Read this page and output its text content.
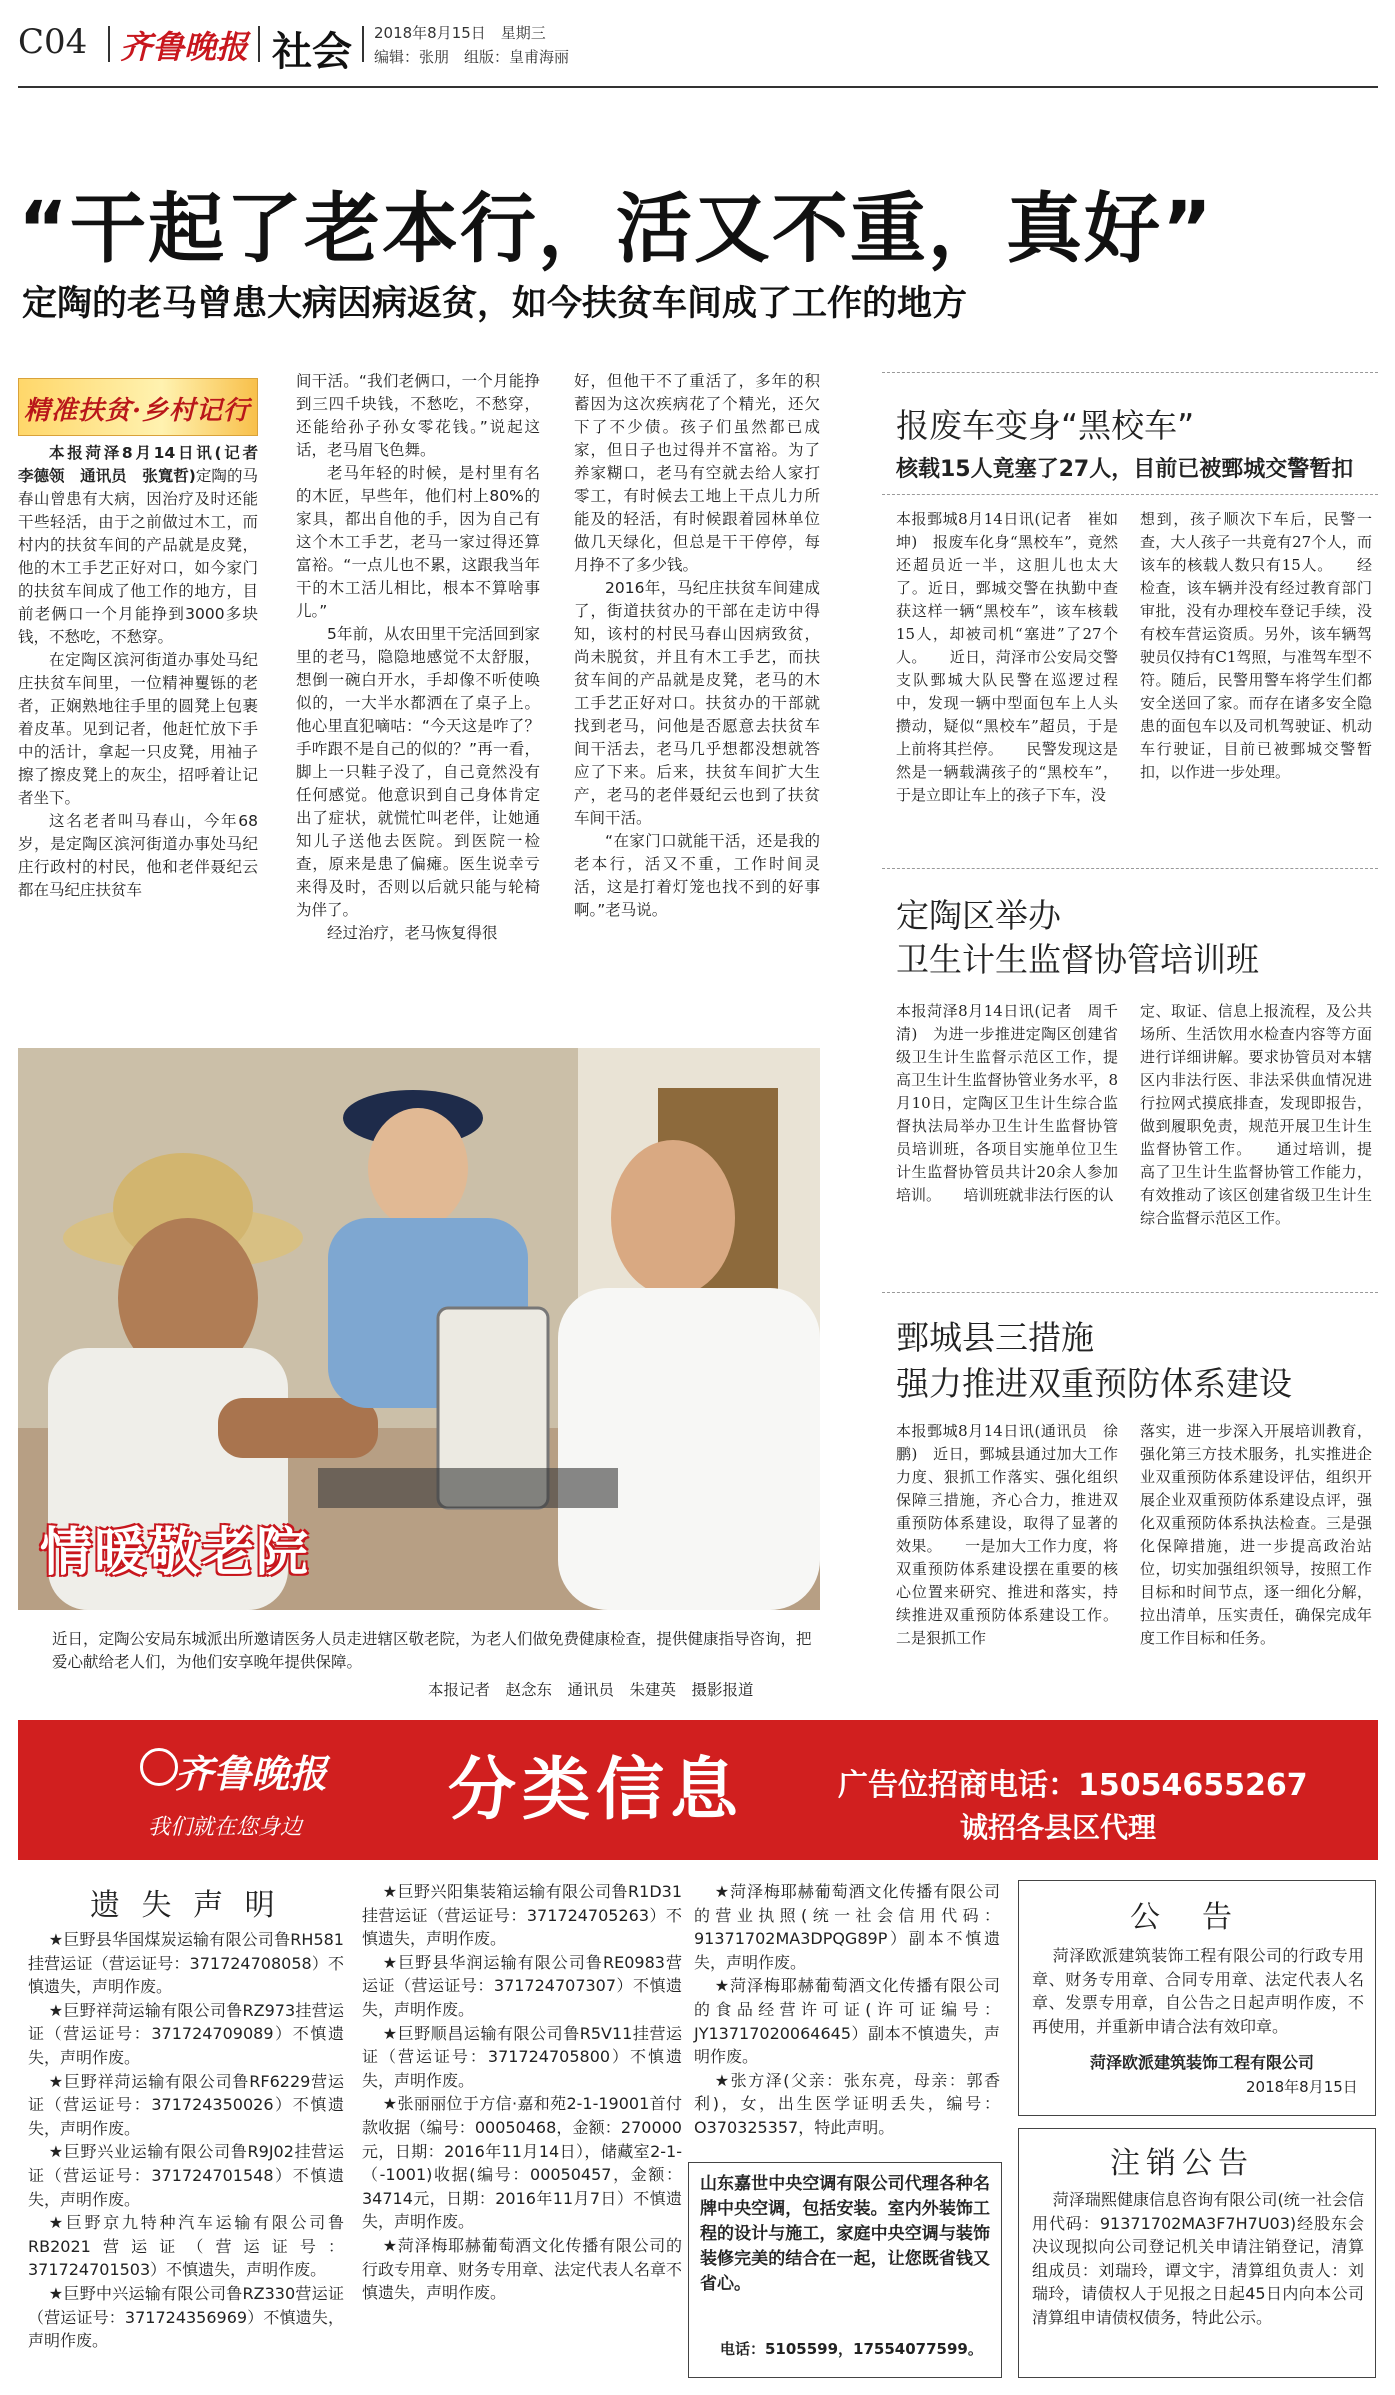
C04 齐鲁晚报 社会 2018年8月15日　星期三
编辑：张朋　组版：皇甫海丽
“干起了老本行，活又不重，真好”
定陶的老马曾患大病因病返贫，如今扶贫车间成了工作的地方
精准扶贫·乡村记行

本报菏泽8月14日讯(记者　李德领　通讯员　张寬哲)定陶的马春山曾患有大病，因治疗及时还能干些轻活，由于之前做过木工，而村内的扶贫车间的产品就是皮凳，他的木工手艺正好对口，如今家门的扶贫车间成了他工作的地方，目前老俩口一个月能挣到3000多块钱，不愁吃，不愁穿。

在定陶区滨河街道办事处马纪庄扶贫车间里，一位精神矍铄的老者，正娴熟地往手里的圆凳上包裹着皮革。见到记者，他赶忙放下手中的活计，拿起一只皮凳，用袖子擦了擦皮凳上的灰尘，招呼着让记者坐下。

这名老者叫马春山，今年68岁，是定陶区滨河街道办事处马纪庄行政村的村民，他和老伴聂纪云都在马纪庄扶贫车

间干活。“我们老俩口，一个月能挣到三四千块钱，不愁吃，不愁穿，还能给孙子孙女零花钱。”说起这话，老马眉飞色舞。

老马年轻的时候，是村里有名的木匠，早些年，他们村上80%的家具，都出自他的手，因为自己有这个木工手艺，老马一家过得还算富裕。“一点儿也不累，这跟我当年干的木工活儿相比，根本不算啥事儿。”

5年前，从农田里干完活回到家里的老马，隐隐地感觉不太舒服，想倒一碗白开水，手却像不听使唤似的，一大半水都洒在了桌子上。他心里直犯嘀咕：“今天这是咋了？手咋跟不是自己的似的？”再一看，脚上一只鞋子没了，自己竟然没有任何感觉。他意识到自己身体肯定出了症状，就慌忙叫老伴，让她通知儿子送他去医院。到医院一检查，原来是患了偏瘫。医生说幸亏来得及时，否则以后就只能与轮椅为伴了。

经过治疗，老马恢复得很

好，但他干不了重活了，多年的积蓄因为这次疾病花了个精光，还欠下了不少债。孩子们虽然都已成家，但日子也过得并不富裕。为了养家糊口，老马有空就去给人家打零工，有时候去工地上干点儿力所能及的轻活，有时候跟着园林单位做几天绿化，但总是干干停停，每月挣不了多少钱。

2016年，马纪庄扶贫车间建成了，街道扶贫办的干部在走访中得知，该村的村民马春山因病致贫，尚未脱贫，并且有木工手艺，而扶贫车间的产品就是皮凳，老马的木工手艺正好对口。扶贫办的干部就找到老马，问他是否愿意去扶贫车间干活去，老马几乎想都没想就答应了下来。后来，扶贫车间扩大生产，老马的老伴聂纪云也到了扶贫车间干活。

“在家门口就能干活，还是我的老本行，活又不重，工作时间灵活，这是打着灯笼也找不到的好事啊。”老马说。

报废车变身“黑校车”
核载15人竟塞了27人，目前已被鄄城交警暂扣
本报鄄城8月14日讯(记者　崔如坤)　报废车化身“黑校车”，竟然还超员近一半，这胆儿也太大了。近日，鄄城交警在执勤中查获这样一辆“黑校车”，该车核载15人，却被司机“塞进”了27个人。　　近日，菏泽市公安局交警支队鄄城大队民警在巡逻过程中，发现一辆中型面包车上人头攒动，疑似“黑校车”超员，于是上前将其拦停。　　民警发现这是然是一辆载满孩子的“黑校车”，于是立即让车上的孩子下车，没
想到，孩子顺次下车后，民警一查，大人孩子一共竟有27个人，而该车的核载人数只有15人。　　经检查，该车辆并没有经过教育部门审批，没有办理校车登记手续，没有校车营运资质。另外，该车辆驾驶员仅持有C1驾照，与准驾车型不符。随后，民警用警车将学生们都安全送回了家。而存在诸多安全隐患的面包车以及司机驾驶证、机动车行驶证，目前已被鄄城交警暂扣，以作进一步处理。
定陶区举办
卫生计生监督协管培训班
本报菏泽8月14日讯(记者　周千清)　为进一步推进定陶区创建省级卫生计生监督示范区工作，提高卫生计生监督协管业务水平，8月10日，定陶区卫生计生综合监督执法局举办卫生计生监督协管员培训班，各项目实施单位卫生计生监督协管员共计20余人参加培训。　　培训班就非法行医的认
定、取证、信息上报流程，及公共场所、生活饮用水检查内容等方面进行详细讲解。要求协管员对本辖区内非法行医、非法采供血情况进行拉网式摸底排查，发现即报告，做到履职免责，规范开展卫生计生监督协管工作。　　通过培训，提高了卫生计生监督协管工作能力，有效推动了该区创建省级卫生计生综合监督示范区工作。
鄄城县三措施
强力推进双重预防体系建设
本报鄄城8月14日讯(通讯员　徐鹏)　近日，鄄城县通过加大工作力度、狠抓工作落实、强化组织保障三措施，齐心合力，推进双重预防体系建设，取得了显著的效果。　　一是加大工作力度，将双重预防体系建设摆在重要的核心位置来研究、推进和落实，持续推进双重预防体系建设工作。二是狠抓工作
落实，进一步深入开展培训教育，强化第三方技术服务，扎实推进企业双重预防体系建设评估，组织开展企业双重预防体系建设点评，强化双重预防体系执法检查。三是强化保障措施，进一步提高政治站位，切实加强组织领导，按照工作目标和时间节点，逐一细化分解，拉出清单，压实责任，确保完成年度工作目标和任务。
情暖敬老院
近日，定陶公安局东城派出所邀请医务人员走进辖区敬老院，为老人们做免费健康检查，提供健康指导咨询，把爱心献给老人们，为他们安享晚年提供保障。
本报记者　赵念东　通讯员　朱建英　摄影报道
齐鲁晚报
我们就在您身边 分类信息	广告位招商电话：15054655267
诚招各县区代理
遗 失 声 明

★巨野县华国煤炭运输有限公司鲁RH581挂营运证（营运证号：371724708058）不慎遗失，声明作废。

★巨野祥菏运输有限公司鲁RZ973挂营运证（营运证号：371724709089）不慎遗失，声明作废。

★巨野祥菏运输有限公司鲁RF6229营运证（营运证号：371724350026）不慎遗失，声明作废。

★巨野兴业运输有限公司鲁R9J02挂营运证（营运证号：371724701548）不慎遗失，声明作废。

★巨野京九特种汽车运输有限公司鲁RB2021营运证（营运证号：371724701503）不慎遗失，声明作废。

★巨野中兴运输有限公司鲁RZ330营运证（营运证号：371724356969）不慎遗失，声明作废。

★巨野兴阳集装箱运输有限公司鲁R1D31挂营运证（营运证号：371724705263）不慎遗失，声明作废。

★巨野县华润运输有限公司鲁RE0983营运证（营运证号：371724707307）不慎遗失，声明作废。

★巨野顺昌运输有限公司鲁R5V11挂营运证（营运证号：371724705800）不慎遗失，声明作废。

★张丽丽位于方信·嘉和苑2-1-19001首付款收据（编号：00050468，金额：270000元，日期：2016年11月14日），储藏室2-1-（-1001)收据(编号：00050457，金额：34714元，日期：2016年11月7日）不慎遗失，声明作废。

★菏泽梅耶赫葡萄酒文化传播有限公司的行政专用章、财务专用章、法定代表人名章不慎遗失，声明作废。

★菏泽梅耶赫葡萄酒文化传播有限公司的营业执照(统一社会信用代码：91371702MA3DPQG89P）副本不慎遗失，声明作废。

★菏泽梅耶赫葡萄酒文化传播有限公司的食品经营许可证(许可证编号：JY13717020064645）副本不慎遗失，声明作废。

★张方泽(父亲：张东亮，母亲：郭香利)，女，出生医学证明丢失，编号：O370325357，特此声明。

山东嘉世中央空调有限公司代理各种名牌中央空调，包括安装。室内外装饰工程的设计与施工，家庭中央空调与装饰装修完美的结合在一起，让您既省钱又省心。
电话：5105599，17554077599。
公　告

菏泽欧派建筑装饰工程有限公司的行政专用章、财务专用章、合同专用章、法定代表人名章、发票专用章，自公告之日起声明作废，不再使用，并重新申请合法有效印章。

菏泽欧派建筑装饰工程有限公司
2018年8月15日
注销公告

菏泽瑞熙健康信息咨询有限公司(统一社会信用代码：91371702MA3F7H7U03)经股东会决议现拟向公司登记机关申请注销登记，清算组成员：刘瑞玲，谭文宇，清算组负责人：刘瑞玲，请债权人于见报之日起45日内向本公司清算组申请债权债务，特此公示。
